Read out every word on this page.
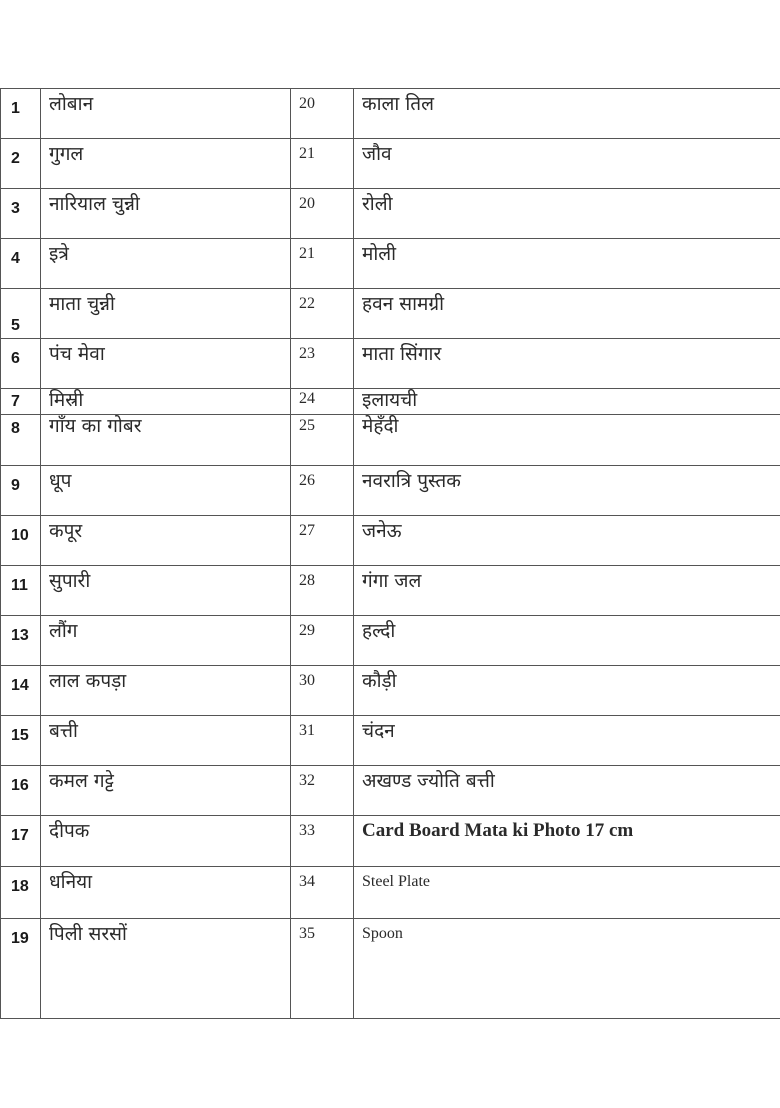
1	लोबान	20	काला तिल
2	गुगल	21	जौव
3	नारियाल चुन्नी	20	रोली
4	इत्रे	21	मोली
5	माता चुन्नी	22	हवन सामग्री
6	पंच मेवा	23	माता सिंगार
7	मिस्री	24	इलायची
8	गाँय का गोबर	25	मेहँदी
9	धूप	26	नवरात्रि पुस्तक
10	कपूर	27	जनेऊ
11	सुपारी	28	गंगा जल
13	लौंग	29	हल्दी
14	लाल कपड़ा	30	कौड़ी
15	बत्ती	31	चंदन
16	कमल गट्टे	32	अखण्ड ज्योति बत्ती
17	दीपक	33	Card Board Mata ki Photo 17 cm
18	धनिया	34	Steel Plate
19	पिली सरसों	35	Spoon
